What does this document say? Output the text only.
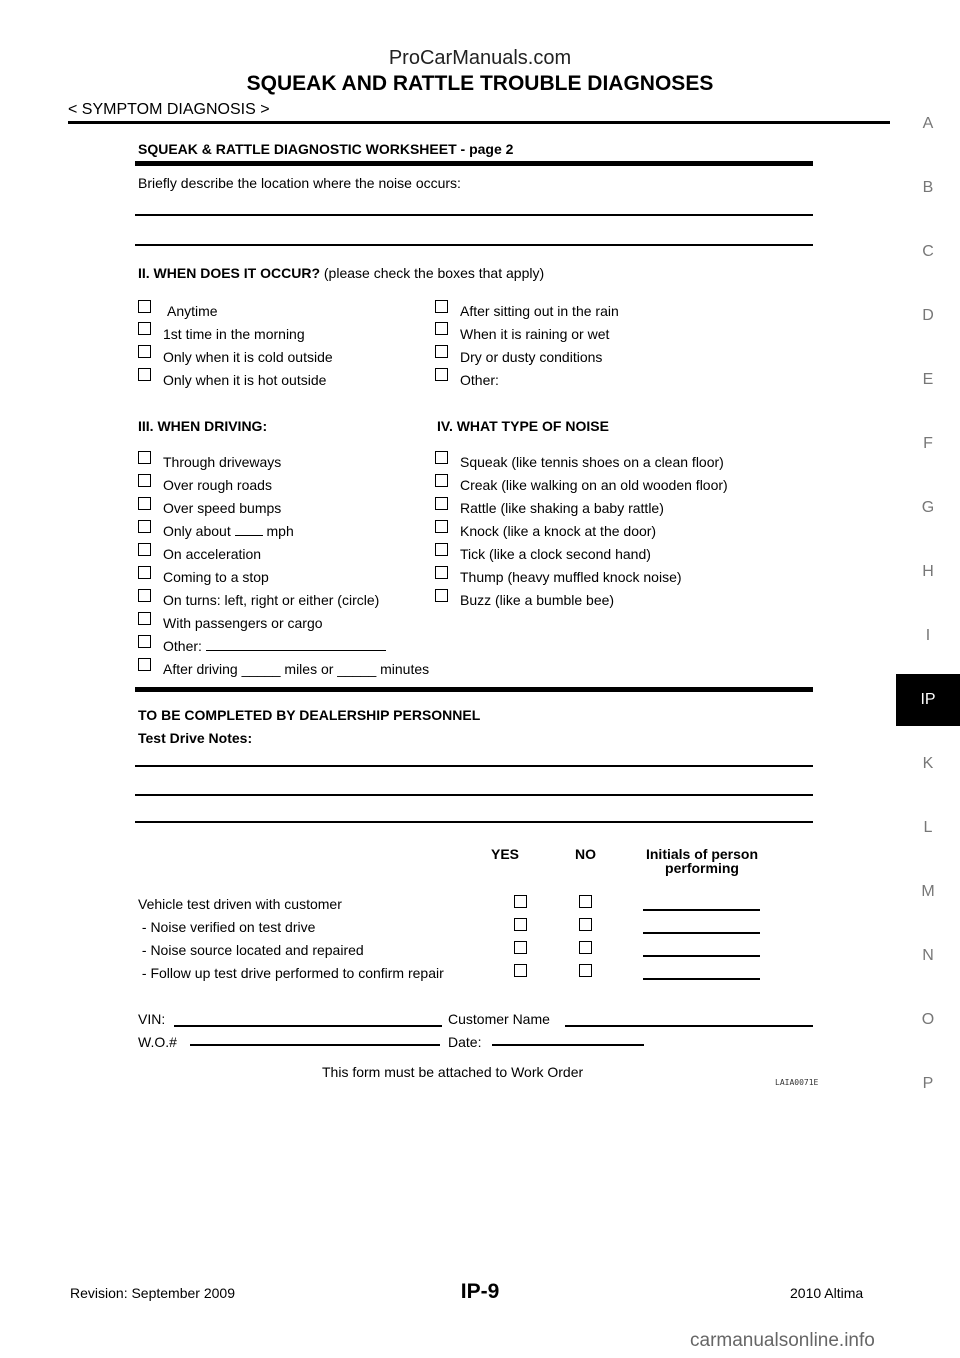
ProCarManuals.com
SQUEAK AND RATTLE TROUBLE DIAGNOSES
< SYMPTOM DIAGNOSIS >
A
B
C
D
E
F
G
H
I
IP
K
L
M
N
O
P
SQUEAK & RATTLE DIAGNOSTIC WORKSHEET - page 2
Briefly describe the location where the noise occurs:
II. WHEN DOES IT OCCUR? (please check the boxes that apply)
Anytime
1st time in the morning
Only when it is cold outside
Only when it is hot outside
After sitting out in the rain
When it is raining or wet
Dry or dusty conditions
Other:
III. WHEN DRIVING:	IV. WHAT TYPE OF NOISE
Through driveways
Over rough roads
Over speed bumps
Only about	mph
On acceleration
Coming to a stop
On turns: left, right or either (circle)
With passengers or cargo
Other:
After driving _____ miles or _____ minutes
Squeak (like tennis shoes on a clean floor)
Creak (like walking on an old wooden floor)
Rattle (like shaking a baby rattle)
Knock (like a knock at the door)
Tick (like a clock second hand)
Thump (heavy muffled knock noise)
Buzz (like a bumble bee)
TO BE COMPLETED BY DEALERSHIP PERSONNEL
Test Drive Notes:
YES	NO	Initials of person
performing
Vehicle test driven with customer
- Noise verified on test drive
- Noise source located and repaired
- Follow up test drive performed to confirm repair
VIN:	Customer Name
W.O.#	Date:
This form must be attached to Work Order
LAIA0071E
Revision: September 2009	IP-9	2010 Altima
carmanualsonline.info
